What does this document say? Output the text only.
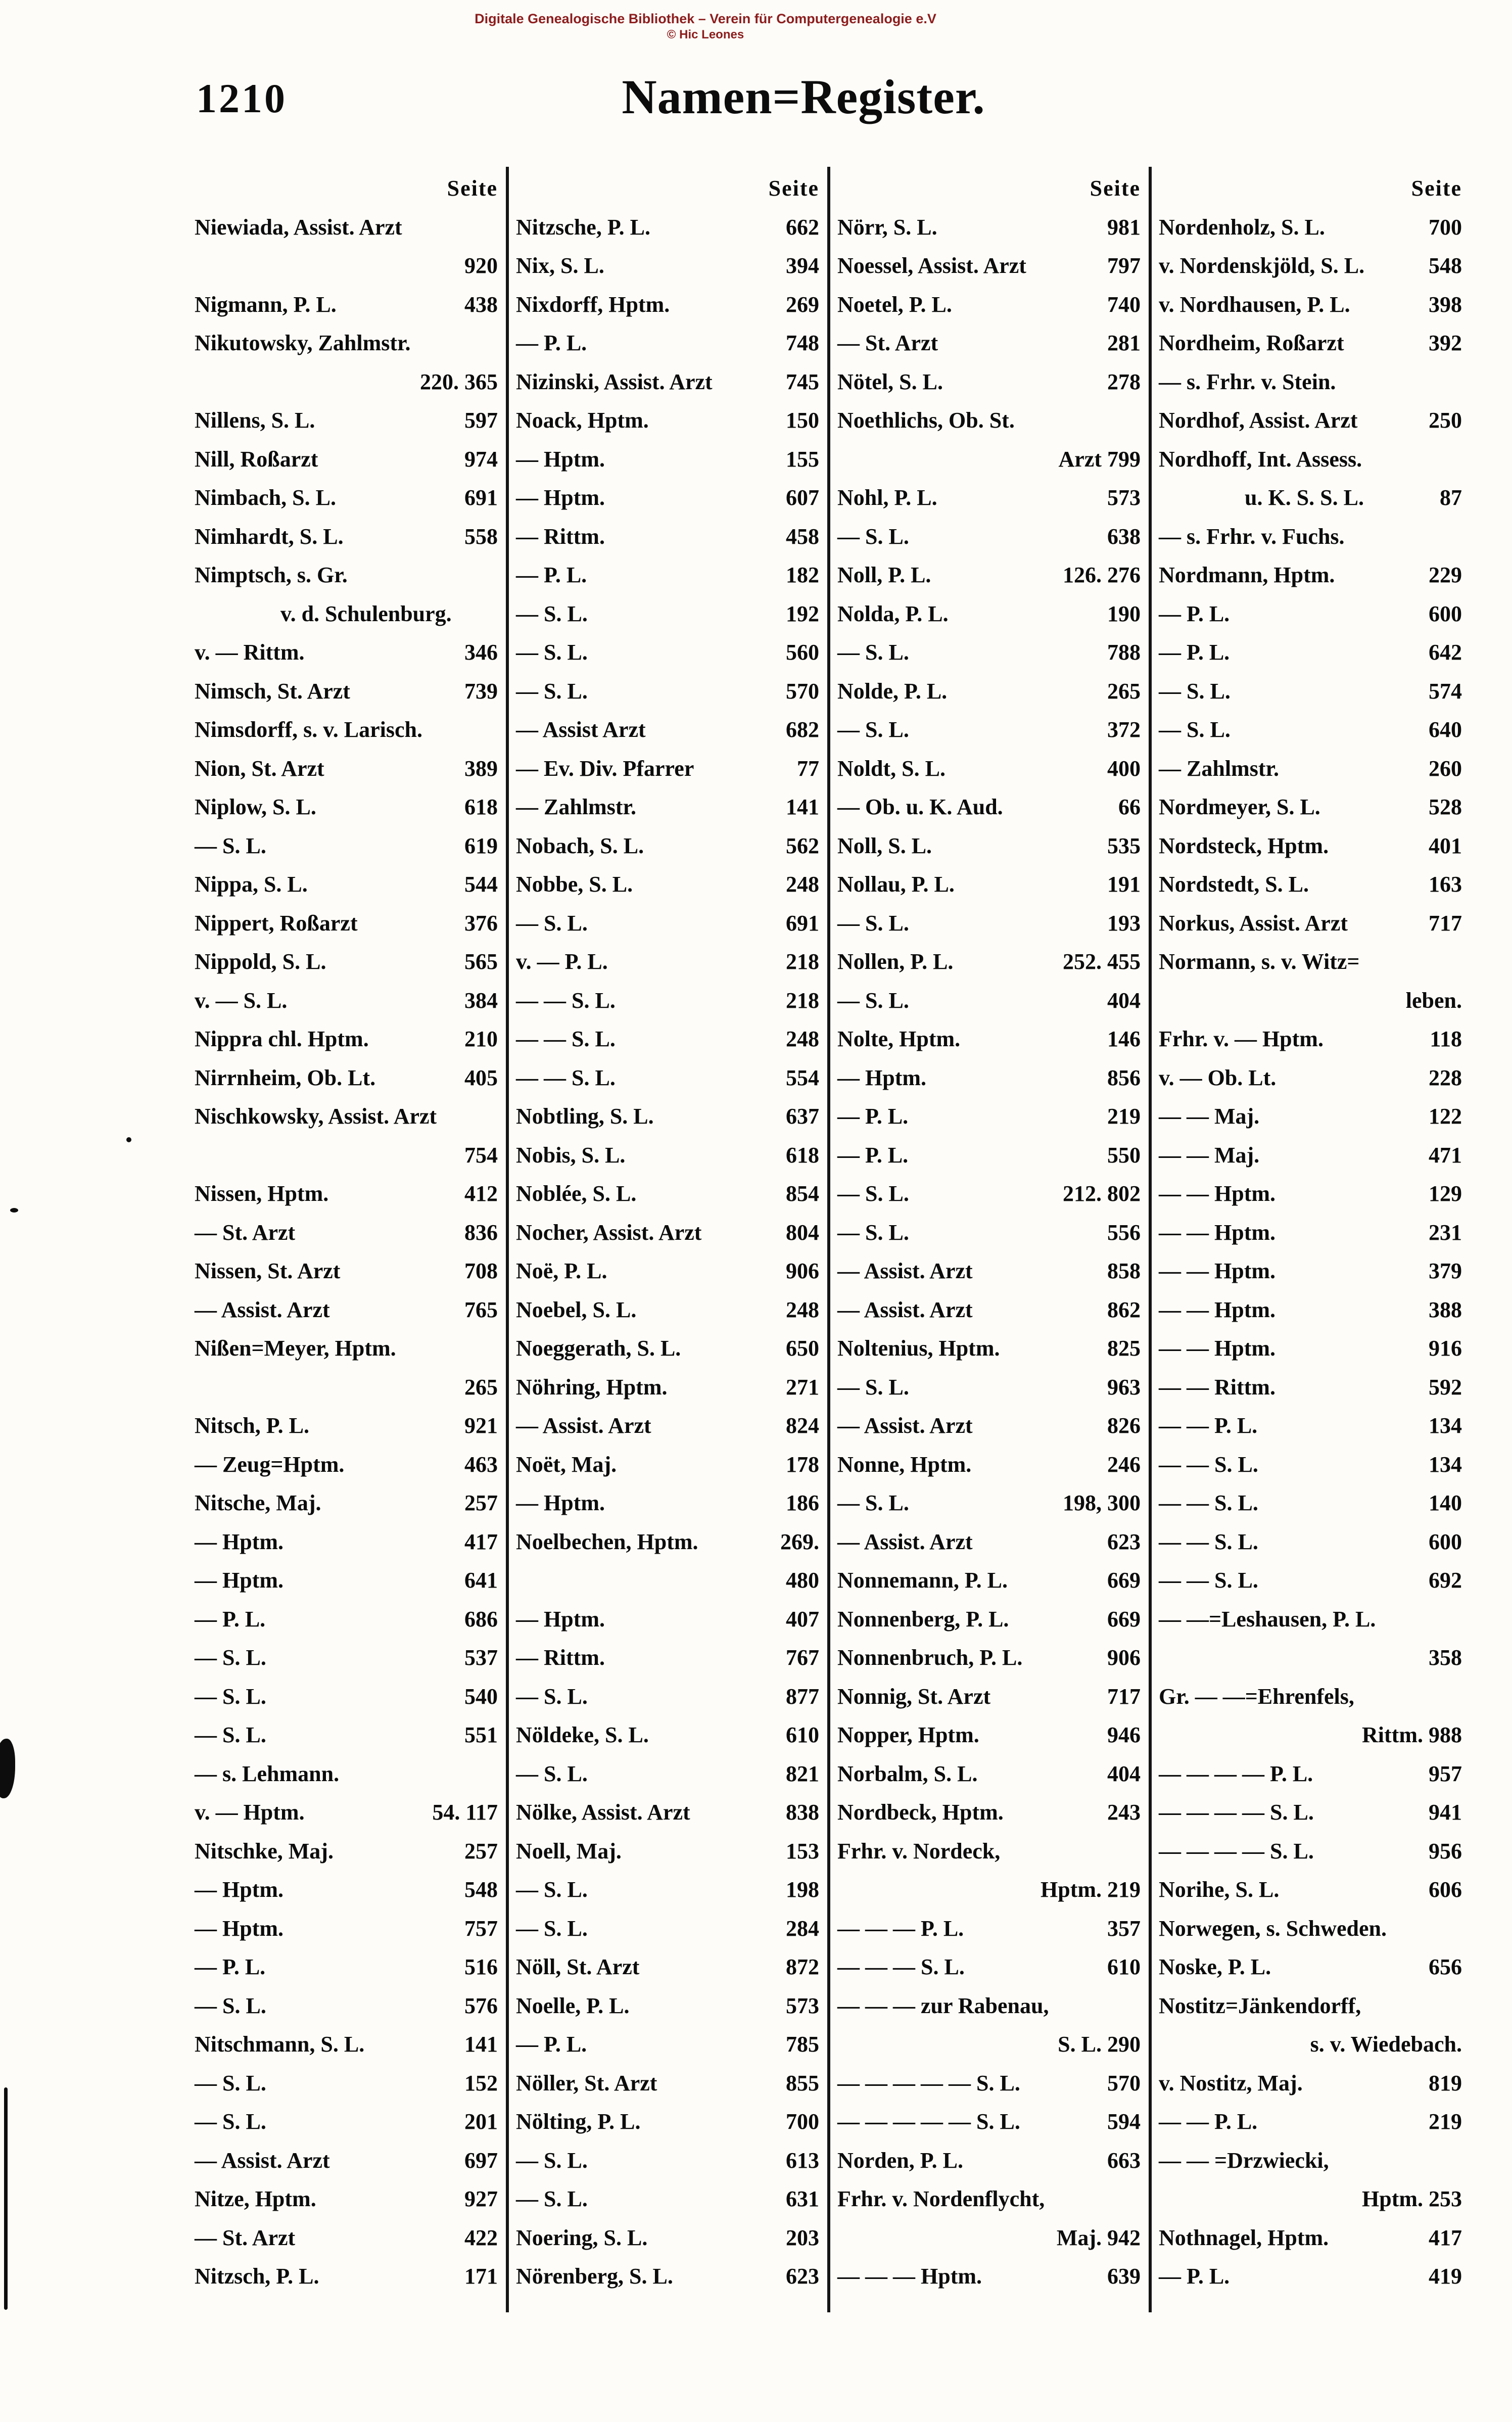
Digitale Genealogische Bibliothek – Verein für Computergenealogie e.V
© Hic Leones
1210	Namen=Register.
Seite
Niewiada, Assist. Arzt
920
Nigmann, P. L.	438
Nikutowsky, Zahlmstr.
220. 365
Nillens, S. L.	597
Nill, Roßarzt	974
Nimbach, S. L.	691
Nimhardt, S. L.	558
Nimptsch, s. Gr.
v. d. Schulenburg.
v. — Rittm.	346
Nimsch, St. Arzt	739
Nimsdorff, s. v. Larisch.
Nion, St. Arzt	389
Niplow, S. L.	618
— S. L.	619
Nippa, S. L.	544
Nippert, Roßarzt	376
Nippold, S. L.	565
v. — S. L.	384
Nippra chl. Hptm.	210
Nirrnheim, Ob. Lt.	405
Nischkowsky, Assist. Arzt
754
Nissen, Hptm.	412
— St. Arzt	836
Nissen, St. Arzt	708
— Assist. Arzt	765
Nißen=Meyer, Hptm.
265
Nitsch, P. L.	921
— Zeug=Hptm.	463
Nitsche, Maj.	257
— Hptm.	417
— Hptm.	641
— P. L.	686
— S. L.	537
— S. L.	540
— S. L.	551
— s. Lehmann.
v. — Hptm.	54. 117
Nitschke, Maj.	257
— Hptm.	548
— Hptm.	757
— P. L.	516
— S. L.	576
Nitschmann, S. L.	141
— S. L.	152
— S. L.	201
— Assist. Arzt	697
Nitze, Hptm.	927
— St. Arzt	422
Nitzsch, P. L.	171
Seite
Nitzsche, P. L.	662
Nix, S. L.	394
Nixdorff, Hptm.	269
— P. L.	748
Nizinski, Assist. Arzt	745
Noack, Hptm.	150
— Hptm.	155
— Hptm.	607
— Rittm.	458
— P. L.	182
— S. L.	192
— S. L.	560
— S. L.	570
— Assist Arzt	682
— Ev. Div. Pfarrer	77
— Zahlmstr.	141
Nobach, S. L.	562
Nobbe, S. L.	248
— S. L.	691
v. — P. L.	218
— — S. L.	218
— — S. L.	248
— — S. L.	554
Nobtling, S. L.	637
Nobis, S. L.	618
Noblée, S. L.	854
Nocher, Assist. Arzt	804
Noë, P. L.	906
Noebel, S. L.	248
Noeggerath, S. L.	650
Nöhring, Hptm.	271
— Assist. Arzt	824
Noët, Maj.	178
— Hptm.	186
Noelbechen, Hptm.	269.
480
— Hptm.	407
— Rittm.	767
— S. L.	877
Nöldeke, S. L.	610
— S. L.	821
Nölke, Assist. Arzt	838
Noell, Maj.	153
— S. L.	198
— S. L.	284
Nöll, St. Arzt	872
Noelle, P. L.	573
— P. L.	785
Nöller, St. Arzt	855
Nölting, P. L.	700
— S. L.	613
— S. L.	631
Noering, S. L.	203
Nörenberg, S. L.	623
Seite
Nörr, S. L.	981
Noessel, Assist. Arzt	797
Noetel, P. L.	740
— St. Arzt	281
Nötel, S. L.	278
Noethlichs, Ob. St.
Arzt 799
Nohl, P. L.	573
— S. L.	638
Noll, P. L.	126. 276
Nolda, P. L.	190
— S. L.	788
Nolde, P. L.	265
— S. L.	372
Noldt, S. L.	400
— Ob. u. K. Aud.	66
Noll, S. L.	535
Nollau, P. L.	191
— S. L.	193
Nollen, P. L.	252. 455
— S. L.	404
Nolte, Hptm.	146
— Hptm.	856
— P. L.	219
— P. L.	550
— S. L.	212. 802
— S. L.	556
— Assist. Arzt	858
— Assist. Arzt	862
Noltenius, Hptm.	825
— S. L.	963
— Assist. Arzt	826
Nonne, Hptm.	246
— S. L.	198, 300
— Assist. Arzt	623
Nonnemann, P. L.	669
Nonnenberg, P. L.	669
Nonnenbruch, P. L.	906
Nonnig, St. Arzt	717
Nopper, Hptm.	946
Norbalm, S. L.	404
Nordbeck, Hptm.	243
Frhr. v. Nordeck,
Hptm. 219
— — — P. L.	357
— — — S. L.	610
— — — zur Rabenau,
S. L. 290
— — — — — S. L.	570
— — — — — S. L.	594
Norden, P. L.	663
Frhr. v. Nordenflycht,
Maj. 942
— — — Hptm.	639
Seite
Nordenholz, S. L.	700
v. Nordenskjöld, S. L.	548
v. Nordhausen, P. L.	398
Nordheim, Roßarzt	392
— s. Frhr. v. Stein.
Nordhof, Assist. Arzt	250
Nordhoff, Int. Assess.
u. K. S. S. L.	87
— s. Frhr. v. Fuchs.
Nordmann, Hptm.	229
— P. L.	600
— P. L.	642
— S. L.	574
— S. L.	640
— Zahlmstr.	260
Nordmeyer, S. L.	528
Nordsteck, Hptm.	401
Nordstedt, S. L.	163
Norkus, Assist. Arzt	717
Normann, s. v. Witz=
leben.
Frhr. v. — Hptm.	118
v. — Ob. Lt.	228
— — Maj.	122
— — Maj.	471
— — Hptm.	129
— — Hptm.	231
— — Hptm.	379
— — Hptm.	388
— — Hptm.	916
— — Rittm.	592
— — P. L.	134
— — S. L.	134
— — S. L.	140
— — S. L.	600
— — S. L.	692
— —=Leshausen, P. L.
358
Gr. — —=Ehrenfels,
Rittm. 988
— — — — P. L.	957
— — — — S. L.	941
— — — — S. L.	956
Norihe, S. L.	606
Norwegen, s. Schweden.
Noske, P. L.	656
Nostitz=Jänkendorff,
s. v. Wiedebach.
v. Nostitz, Maj.	819
— — P. L.	219
— — =Drzwiecki,
Hptm. 253
Nothnagel, Hptm.	417
— P. L.	419
